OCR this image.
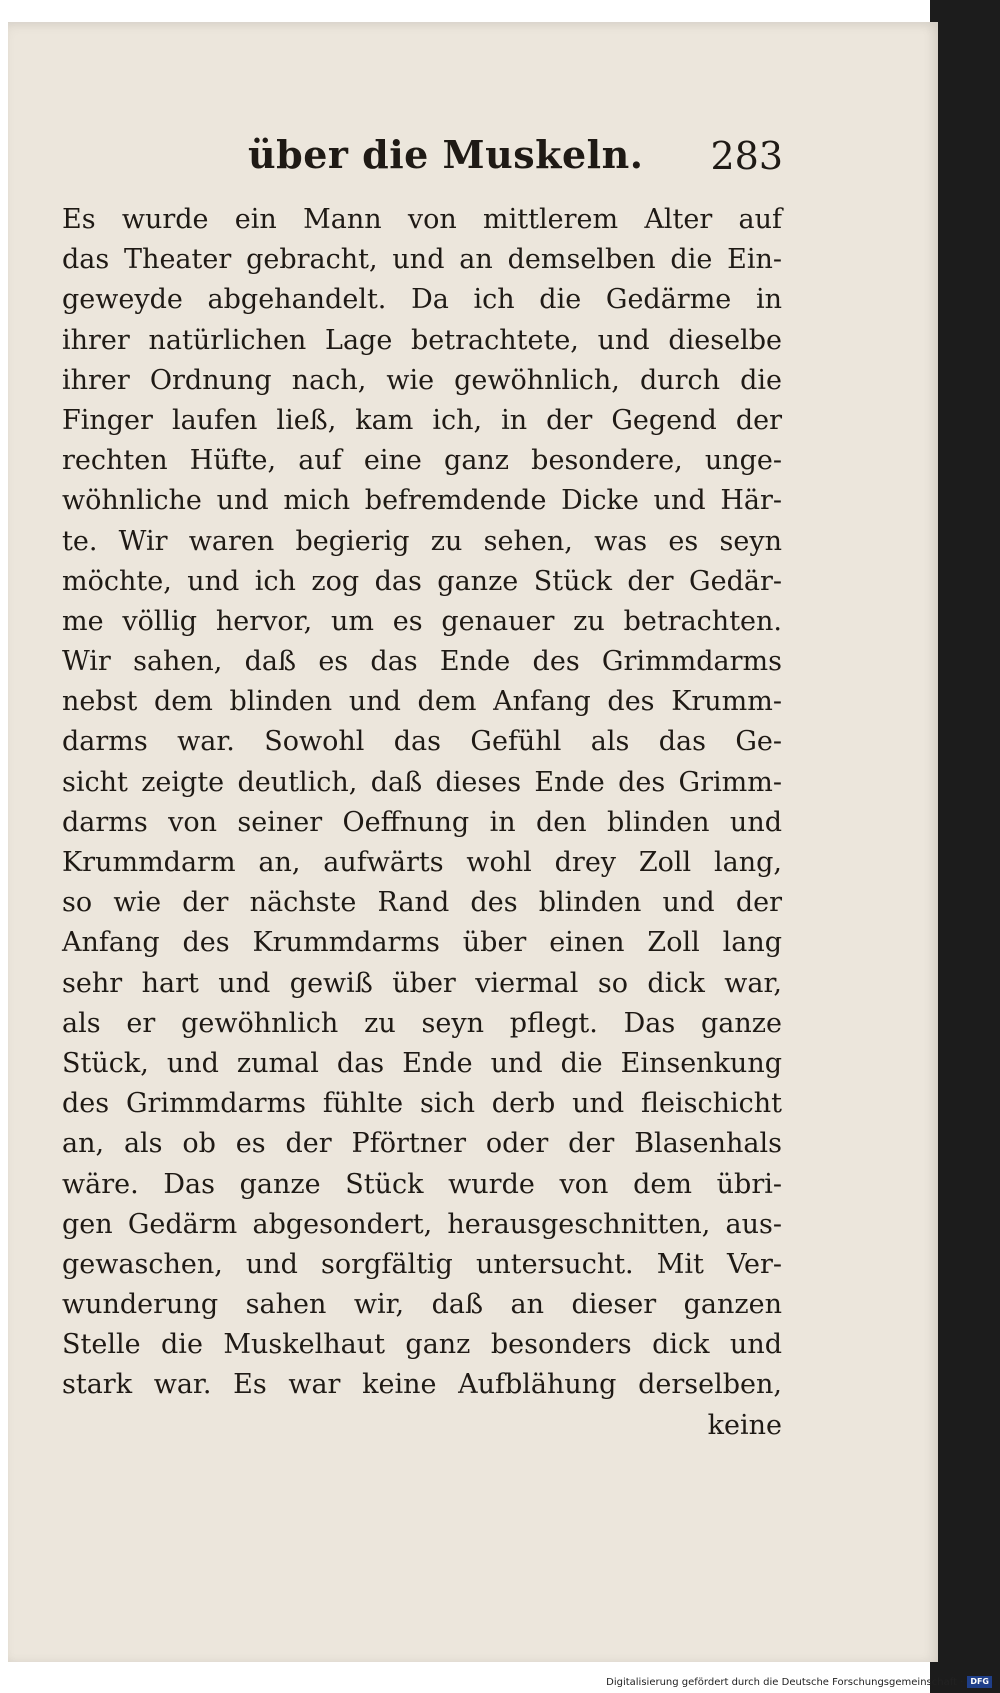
über die Muskeln. 283
Es wurde ein Mann von mittlerem Alter auf
das Theater gebracht, und an demselben die Ein-
geweyde abgehandelt. Da ich die Gedärme in
ihrer natürlichen Lage betrachtete, und dieselbe
ihrer Ordnung nach, wie gewöhnlich, durch die
Finger laufen ließ, kam ich, in der Gegend der
rechten Hüfte, auf eine ganz besondere, unge-
wöhnliche und mich befremdende Dicke und Här-
te. Wir waren begierig zu sehen, was es seyn
möchte, und ich zog das ganze Stück der Gedär-
me völlig hervor, um es genauer zu betrachten.
Wir sahen, daß es das Ende des Grimmdarms
nebst dem blinden und dem Anfang des Krumm-
darms war. Sowohl das Gefühl als das Ge-
sicht zeigte deutlich, daß dieses Ende des Grimm-
darms von seiner Oeffnung in den blinden und
Krummdarm an, aufwärts wohl drey Zoll lang,
so wie der nächste Rand des blinden und der
Anfang des Krummdarms über einen Zoll lang
sehr hart und gewiß über viermal so dick war,
als er gewöhnlich zu seyn pflegt. Das ganze
Stück, und zumal das Ende und die Einsenkung
des Grimmdarms fühlte sich derb und fleischicht
an, als ob es der Pförtner oder der Blasenhals
wäre. Das ganze Stück wurde von dem übri-
gen Gedärm abgesondert, herausgeschnitten, aus-
gewaschen, und sorgfältig untersucht. Mit Ver-
wunderung sahen wir, daß an dieser ganzen
Stelle die Muskelhaut ganz besonders dick und
stark war. Es war keine Aufblähung derselben,
keine
Digitalisierung gefördert durch die Deutsche Forschungsgemeinschaft · DFG
